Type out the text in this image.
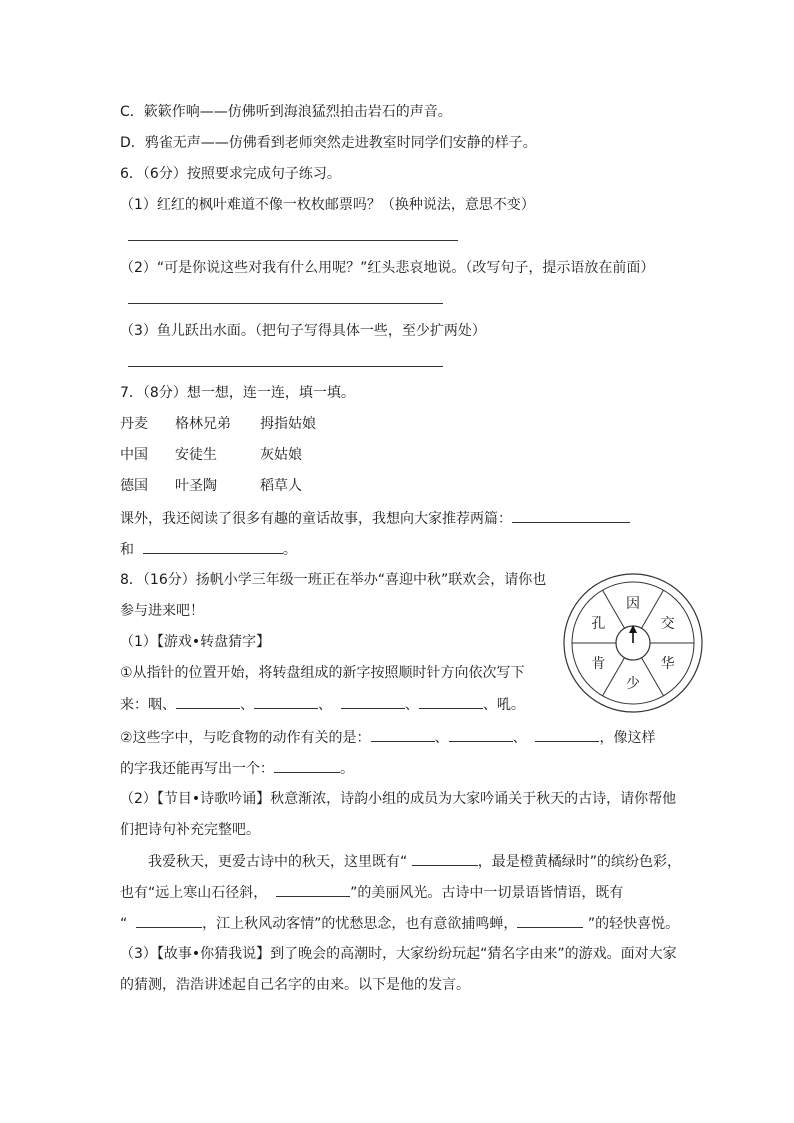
C．簌簌作响——仿佛听到海浪猛烈拍击岩石的声音。
D．鸦雀无声——仿佛看到老师突然走进教室时同学们安静的样子。
6．（6分）按照要求完成句子练习。
（1）红红的枫叶难道不像一枚枚邮票吗？（换种说法，意思不变）
（2）“可是你说这些对我有什么用呢？”红头悲哀地说。（改写句子，提示语放在前面）
（3）鱼儿跃出水面。（把句子写得具体一些，至少扩两处）
7．（8分）想一想，连一连，填一填。
丹麦 格林兄弟 拇指姑娘
中国 安徒生	灰姑娘
德国 叶圣陶	稻草人
课外，我还阅读了很多有趣的童话故事，我想向大家推荐两篇：
和	。
8．（16分）扬帆小学三年级一班正在举办“喜迎中秋”联欢会，请你也
参与进来吧！
（1）【游戏•转盘猜字】
①从指针的位置开始，将转盘组成的新字按照顺时针方向依次写下
来：咽、	、	、	、	、吼。
②这些字中，与吃食物的动作有关的是：	、	、	，像这样
的字我还能再写出一个：	。
（2）【节目•诗歌吟诵】秋意渐浓，诗韵小组的成员为大家吟诵关于秋天的古诗，请你帮他
们把诗句补充完整吧。
我爱秋天，更爱古诗中的秋天，这里既有“	，最是橙黄橘绿时”的缤纷色彩，
也有“远上寒山石径斜，	”的美丽风光。古诗中一切景语皆情语，既有
“	，江上秋风动客情”的忧愁思念，也有意欲捕鸣蝉，	”的轻快喜悦。
（3）【故事•你猜我说】到了晚会的高潮时，大家纷纷玩起“猜名字由来”的游戏。面对大家
的猜测，浩浩讲述起自己名字的由来。以下是他的发言。
因
交
华
少
肯
孔
